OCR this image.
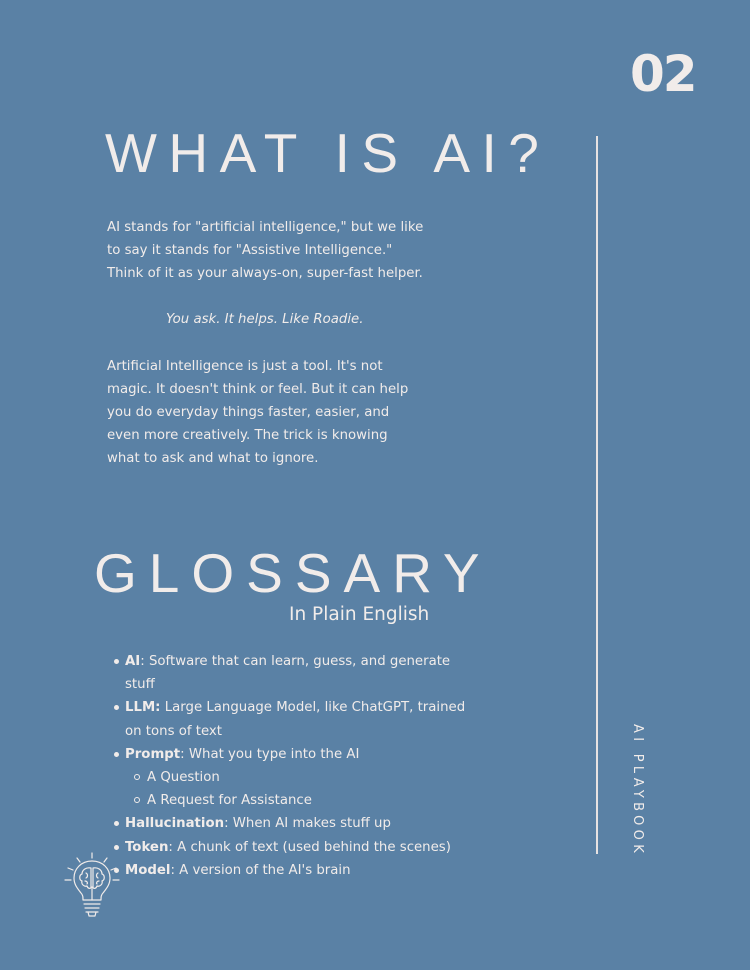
02
WHAT IS AI?

AI stands for "artificial intelligence," but we like
to say it stands for "Assistive Intelligence."
Think of it as your always-on, super-fast helper.

You ask. It helps. Like Roadie.

Artificial Intelligence is just a tool. It's not magic. It doesn't think or feel. But it can help you do everyday things faster, easier, and even more creatively. The trick is knowing what to ask and what to ignore.

GLOSSARY
In Plain English
AI: Software that can learn, guess, and generate stuff
LLM: Large Language Model, like ChatGPT, trained on tons of text
Prompt: What you type into the AI
A Question
A Request for Assistance
Hallucination: When AI makes stuff up
Token: A chunk of text (used behind the scenes)
Model: A version of the AI's brain
AI PLAYBOOK
